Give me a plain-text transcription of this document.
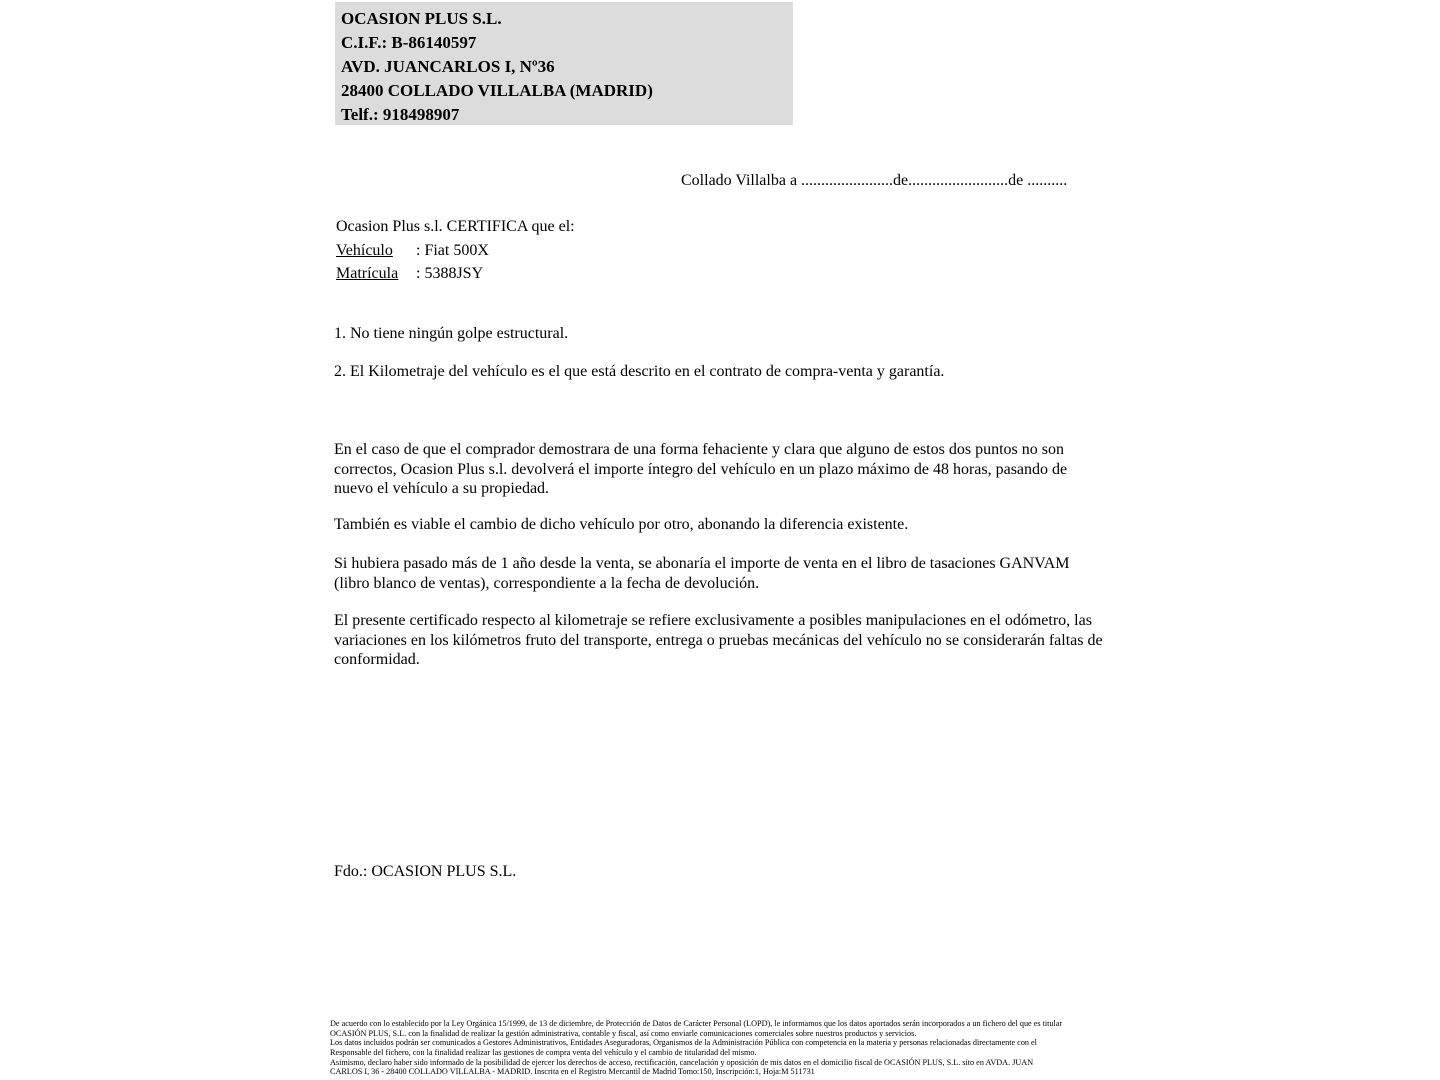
OCASION PLUS S.L.
C.I.F.: B-86140597
AVD. JUANCARLOS I, Nº36
28400 COLLADO VILLALBA (MADRID)
Telf.: 918498907
Collado Villalba a .......................de.........................de ..........
Ocasion Plus s.l. CERTIFICA que el:
Vehículo : Fiat 500X
Matrícula : 5388JSY
1. No tiene ningún golpe estructural.
2. El Kilometraje del vehículo es el que está descrito en el contrato de compra-venta y garantía.
En el caso de que el comprador demostrara de una forma fehaciente y clara que alguno de estos dos puntos no son correctos, Ocasion Plus s.l. devolverá el importe íntegro del vehículo en un plazo máximo de 48 horas, pasando de nuevo el vehículo a su propiedad.
También es viable el cambio de dicho vehículo por otro, abonando la diferencia existente.
Si hubiera pasado más de 1 año desde la venta, se abonaría el importe de venta en el libro de tasaciones GANVAM (libro blanco de ventas), correspondiente a la fecha de devolución.
El presente certificado respecto al kilometraje se refiere exclusivamente a posibles manipulaciones en el odómetro, las variaciones en los kilómetros fruto del transporte, entrega o pruebas mecánicas del vehículo no se considerarán faltas de conformidad.
Fdo.: OCASION PLUS S.L.
De acuerdo con lo establecido por la Ley Orgánica 15/1999, de 13 de diciembre, de Protección de Datos de Carácter Personal (LOPD), le informamos que los datos aportados serán incorporados a un fichero del que es titular
OCASIÓN PLUS, S.L. con la finalidad de realizar la gestión administrativa, contable y fiscal, así como enviarle comunicaciones comerciales sobre nuestros productos y servicios.
Los datos incluidos podrán ser comunicados a Gestores Administrativos, Entidades Aseguradoras, Organismos de la Administración Pública con competencia en la materia y personas relacionadas directamente con el
Responsable del fichero, con la finalidad realizar las gestiones de compra venta del vehículo y el cambio de titularidad del mismo.
Asimismo, declaro haber sido informado de la posibilidad de ejercer los derechos de acceso, rectificación, cancelación y oposición de mis datos en el domicilio fiscal de OCASIÓN PLUS, S.L. sito en AVDA. JUAN
CARLOS I, 36 - 28400 COLLADO VILLALBA - MADRID. Inscrita en el Registro Mercantil de Madrid Tomo:150, Inscripción:1, Hoja:M 511731
